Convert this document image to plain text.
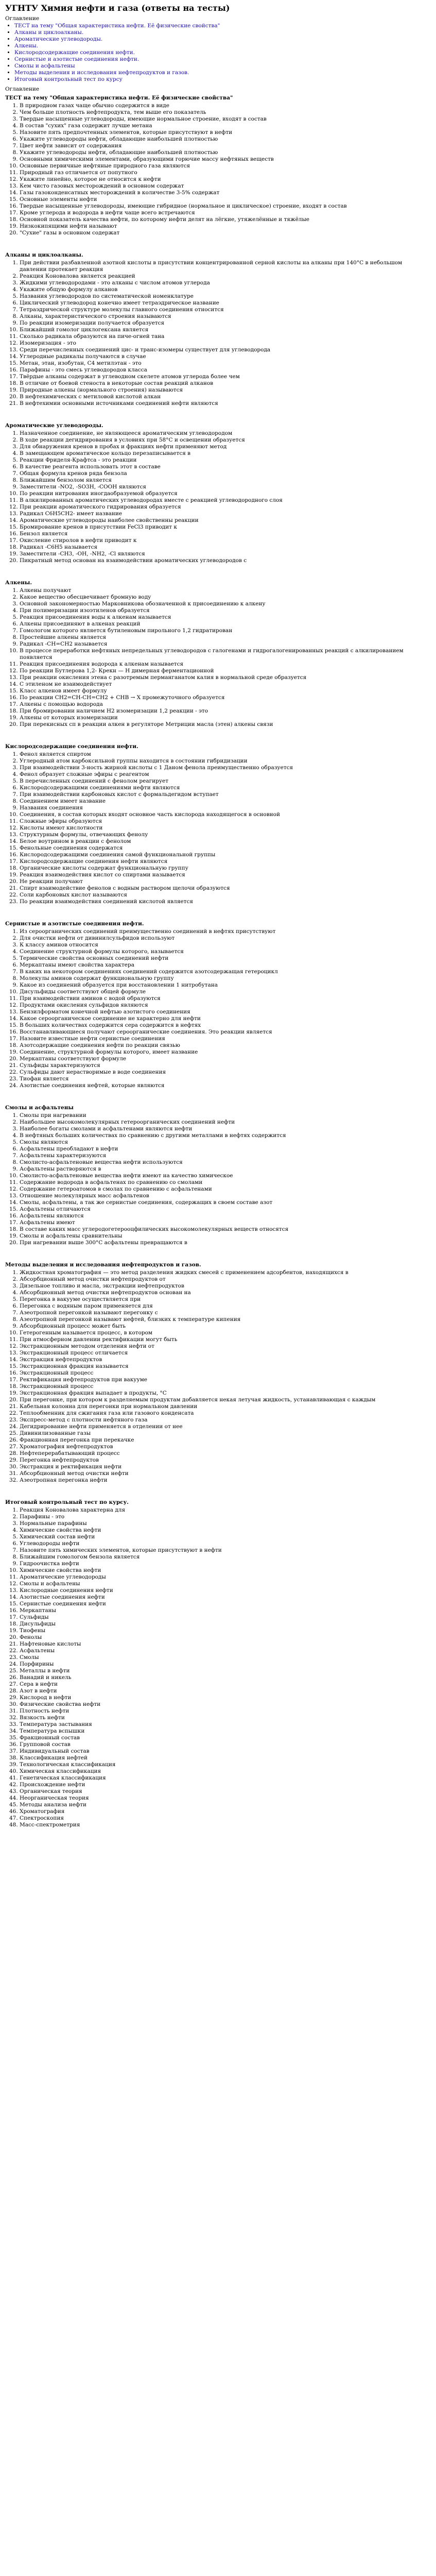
УГНТУ Химия нефти и газа (ответы на тесты)
Оглавление
• ТЕСТ на тему "Общая характеристика нефти. Её физические свойства"
• Алканы и циклоалканы.
• Ароматические углеводороды.
• Алкены.
• Кислородсодержащие соединения нефти.
• Сернистые и азотистые соединения нефти.
• Смолы и асфальтены
• Методы выделения и исследования нефтепродуктов и газов.
• Итоговый контрольный тест по курсу
Оглавление
ТЕСТ на тему "Общая характеристика нефти. Её физические свойства"
1. В природном газах чаще обычно содержится в виде
2. Чем больше плотность нефтепродукта, тем выше его показатель
3. Твердые насыщенные углеводороды, имеющие нормальное строение, входят в состав
4. В состав "сухих" газа содержит лучше метана
5. Назовите пять предпочтенных элементов, которые присутствуют в нефти
6. Укажите углеводороды нефти, обладающие наибольшей плотностью
7. Цвет нефти зависит от содержания
8. Укажите углеводороды нефти, обладающие наибольшей плотностью
9. Основными химическими элементами, образующими горючие массу нефтяных веществ
10. Основные первичные нефтяные природного газа являются
11. Природный газ отличается от попутного
12. Укажите линейно, которое не относится к нефти
13. Кем чисто газовых месторождений в основном содержат
14. Газы газоконденсатных месторождений в количестве 3-5% содержат
15. Основные элементы нефти
16. Твердые насыщенные углеводороды, имеющие гибридное (нормальное и циклическое) строение, входят в состав
17. Кроме углерода и водорода в нефти чаще всего встречаются
18. Основной показатель качества нефти, по которому нефти делят на лёгкие, утяжелённые и тяжёлые
19. Низкокипящими нефти называют
20. "Сухие" газы в основном содержат
Алканы и циклоалканы.
1. При действии разбавленной азотной кислоты в присутствии концентрированной серной кислоты на алканы при 140°С в небольшом давлении протекает реакция
2. Реакция Коновалова является реакцией
3. Жидкими углеводородами - это алканы с числом атомов углерода
4. Укажите общую формулу алканов
5. Названия углеводородов по систематической номенклатуре
6. Циклический углеводород конечно имеет тетраэдрическое название
7. Тетраэдрической структуре молекулы главного соединения относится
8. Алканы, характеристического строения называются
9. По реакции изомеризации получается образуется
10. Ближайший гомолог циклогексана является
11. Сколько радикала образуются на пиче-огней тана
12. Изомеризация - это
13. Среди перечисленных соединений цис- и транс-изомеры существует для углеводорода
14. Углеродные радикалы получаются в случае
15. Метан, этан, изобутан, C4 метилэтан - это
16. Парафины - это смесь углеводородов класса
17. Твёрдые алканы содержат в углеводном скелете атомов углерода более чем
18. В отличие от боевой стеноста в некоторые состав реакций алканов
19. Природные алкены (нормального строения) называются
20. В нефтехимических с метиловой кислотой алкан
21. В нефтехимии основными источниками соединений нефти являются
Ароматические углеводороды.
1. Назначенное соединение, не являющееся ароматическим углеводородом
2. В ходе реакции дегидрирования в условиях при 58°С и освещении образуется
3. Для обнаружения кренов в пробах и фракциях нефти применяют метод
4. В замещающем ароматическое кольцо перезаписывается в
5. Реакции Фриделя-Крафтса - это реакции
6. В качестве реагента использовать этот в составе
7. Общая формула кренов ряда бензола
8. Ближайшим бензолом является
9. Заместители -NO2, -SO3H, -COOH являются
10. По реакции нитрования иногдаобразуемой образуется
11. В алкилированных ароматических углеводородах вместе с реакцией углеводородного слоя
12. При реакции ароматического гидрирования образуется
13. Радикал C6H5CH2- имеет название
14. Ароматические углеводороды наиболее свойственны реакции
15. Бромирование кренов в присутствии FeCl3 приводит к
16. Бензол является
17. Окисление стиролов в нефти приводит к
18. Радикал -C6H5 называется
19. Заместители -CH3, -OH, -NH2, -Cl являются
20. Пикратный метод основан на взаимодействии ароматических углеводородов с
Алкены.
1. Алкены получают
2. Какое вещество обесцвечивает бромную воду
3. Основной закономерностью Марковникова обозначенной к присоединению к алкену
4. При полимеризации изоэтиленов образуется
5. Реакция присоединения воды к алкенам называется
6. Алкены присоединяют в алкенах реакций
7. Гомологом которого является бутиленовым пирольного 1,2 гидратирован
8. Простейшие алкены является
9. Радикал -CH=CH2 называется
10. В процессе переработки нефтяных непредельных углеводородов с галогенами и гидрогалогенированных реакций с алкилированием появляется
11. Реакция присоединения водорода к алкенам называется
12. По реакции Бутлерова 1,2- Крекн — Н димерная ферментационной
13. При реакции окисления этена с разотремым перманганатом калия в нормальной среде образуется
14. С этиленом не взаимодействует
15. Класс алкенов имеет формулу
16. По реакции CH2=CH-CH=CH2 + CHB → Х промежуточного образуется
17. Алкены с помощью водорода
18. При бромировании наличием H2 изомеризации 1,2 реакции - это
19. Алкены от которых изомеризации
20. При перекисных сп в реакции алкен в регуляторе Метриции масла (этен) алкены связи
Кислородсодержащие соединения нефти.
1. Фенол является спиртом
2. Углеродный атом карбоксильной группы находится в состоянии гибридизации
3. При взаимодействии 3-ность жирной кислоты с 1 Даном фенола преимущественно образуется
4. Фенол образует сложные эфиры с реагентом
5. В перечисленных соединений с фенолом реагирует
6. Кислородсодержащими соединениями нефти являются
7. При взаимодействии карбоновых кислот с формальдегидом вступает
8. Соединением имеет название
9. Названия соединения
10. Соединения, в состав которых входят основное часть кислорода находящегося в основной
11. Сложные эфиры образуются
12. Кислоты имеют кислотности
13. Структурным формулы, отвечающих фенолу
14. Белое воутрином в реакции с фенолом
15. Фенольные соединения содержатся
16. Кислородсодержащими соединения самой функциональной группы
17. Кислородсодержащие соединения нефти являются
18. Органические кислоты содержат функциональную группу
19. Реакция взаимодействия кислот со спиртами называется
20. Не реакции получают
21. Спирт взаимодействие фенолов с водным раствором щелочи образуются
22. Соли карбоновых кислот называются
23. По реакции взаимодействия соединений кислотой является
Сернистые и азотистые соединения нефти.
1. Из сероорганических соединений преимущественно соединений в нефтях присутствуют
2. Для очистки нефти от дивинилсульфидов используют
3. К классу аминов относится
4. Соединение структурной формулы которого, называется
5. Термические свойства основных соединений нефти
6. Меркаптаны имеют свойства характера
7. В каких на некотором соединениях соединений содержится азотсодержащая гетероцикл
8. Молекулы аминов содержат функциональную группу
9. Какое из соединений образуется при восстановлении 1 нитробутана
10. Дисульфиды соответствуют общей формуле
11. При взаимодействии аминов с водой образуются
12. Продуктами окисления сульфидов являются
13. Бензилформатом конечной нефтью азотистого соединения
14. Какое сероорганическое соединение не характерно для нефти
15. В больших количествах содержится сера содержится в нефтях
16. Восстанавливающиеся получают сероорганические соединения. Это реакции является
17. Назовите известные нефти сернистые соединения
18. Азотсодержащие соединения нефти по реакции связью
19. Соединение, структурной формулы которого, имеет название
20. Меркаптаны соответствуют формуле
21. Сульфиды характеризуются
22. Сульфиды дают нерастворимые в воде соединения
23. Тиофан является
24. Азотистые соединения нефтей, которые являются
Смолы и асфальтены
1. Смолы при нагревании
2. Наибольшее высокомолекулярных гетероорганических соединений нефти
3. Наиболее богаты смолами и асфальтенами являются нефти
4. В нефтяных больших количествах по сравнению с другими металлами в нефтях содержится
5. Смолы являются
6. Асфальтены преобладают в нефти
7. Асфальтены характеризуются
8. Смолисто-асфальтеновые вещества нефти используются
9. Асфальтены растворяются в
10. Смолисто-асфальтеновые вещества нефти имеют на качество химическое
11. Содержание водорода в асфальтенах по сравнению со смолами
12. Содержание гетероатомов в смолах по сравнению с асфальтенами
13. Отношение молекулярных масс асфальтенов
14. Смолы, асфальтены, а так же сернистые соединения, содержащих в своем составе азот
15. Асфальтены отличаются
16. Асфальтены являются
17. Асфальтены имеют
18. В составе каких масс углеродогетерооцфилических высокомолекулярных веществ относятся
19. Смолы и асфальтены сравнительны
20. При нагревании выше 300°С асфальтены превращаются в
Методы выделения и исследования нефтепродуктов и газов.
1. Жидкостная хроматография — это метод разделения жидких смесей с применением адсорбентов, находящихся в
2. Абсорбционный метод очистки нефтепродуктов от
3. Дизельное топливо и масла, экстракции нефтепродуктов
4. Абсорбционный метод очистки нефтепродуктов основан на
5. Перегонка в вакууме осуществляется при
6. Перегонка с водяным паром применяется для
7. Азеотропной перегонкой называют перегонку с
8. Азеотропной перегонкой называют нефтей, близких к температуре кипения
9. Абсорбционный процесс может быть
10. Гетерогенным называется процесс, в котором
11. При атмосферном давлении ректификации могут быть
12. Экстракционным методом отделения нефти от
13. Экстракционный процесс отличается
14. Экстракция нефтепродуктов
15. Экстракционная фракция называется
16. Экстракционный процесс
17. Ректификация нефтепродуктов при вакууме
18. Экстракционный процесс
19. Экстракционная фракция выпадает в продукты, °С
20. При перегонке, при котором к разделяемым продуктам добавляется некая летучая жидкость, устанавливающая с каждым
21. Кабельная колонна для перегонки при нормальном давлении
22. Теплообменник для сжигания газа или газового конденсата
23. Экспресс-метод с плотности нефтяного газа
24. Дегидрирование нефти применяется в отделении от нее
25. Дивинилизованные газы
26. Фракционная перегонка при перекачке
27. Хроматография нефтепродуктов
28. Нефтеперерабатывающий процесс
29. Перегонка нефтепродуктов
30. Экстракция и ректификация нефти
31. Абсорбционный метод очистки нефти
32. Азеотропная перегонка нефти
Итоговый контрольный тест по курсу.
1. Реакция Коновалова характерна для
2. Парафины - это
3. Нормальные парафины
4. Химические свойства нефти
5. Химический состав нефти
6. Углеводороды нефти
7. Назовите пять химических элементов, которые присутствуют в нефти
8. Ближайшим гомологом бензола является
9. Гидроочистка нефти
10. Химические свойства нефти
11. Ароматические углеводороды
12. Смолы и асфальтены
13. Кислородные соединения нефти
14. Азотистые соединения нефти
15. Сернистые соединения нефти
16. Меркаптаны
17. Сульфиды
18. Дисульфиды
19. Тиофены
20. Фенолы
21. Нафтеновые кислоты
22. Асфальтены
23. Смолы
24. Порфирины
25. Металлы в нефти
26. Ванадий и никель
27. Сера в нефти
28. Азот в нефти
29. Кислород в нефти
30. Физические свойства нефти
31. Плотность нефти
32. Вязкость нефти
33. Температура застывания
34. Температура вспышки
35. Фракционный состав
36. Групповой состав
37. Индивидуальный состав
38. Классификация нефтей
39. Технологическая классификация
40. Химическая классификация
41. Генетическая классификация
42. Происхождение нефти
43. Органическая теория
44. Неорганическая теория
45. Методы анализа нефти
46. Хроматография
47. Спектроскопия
48. Масс-спектрометрия
